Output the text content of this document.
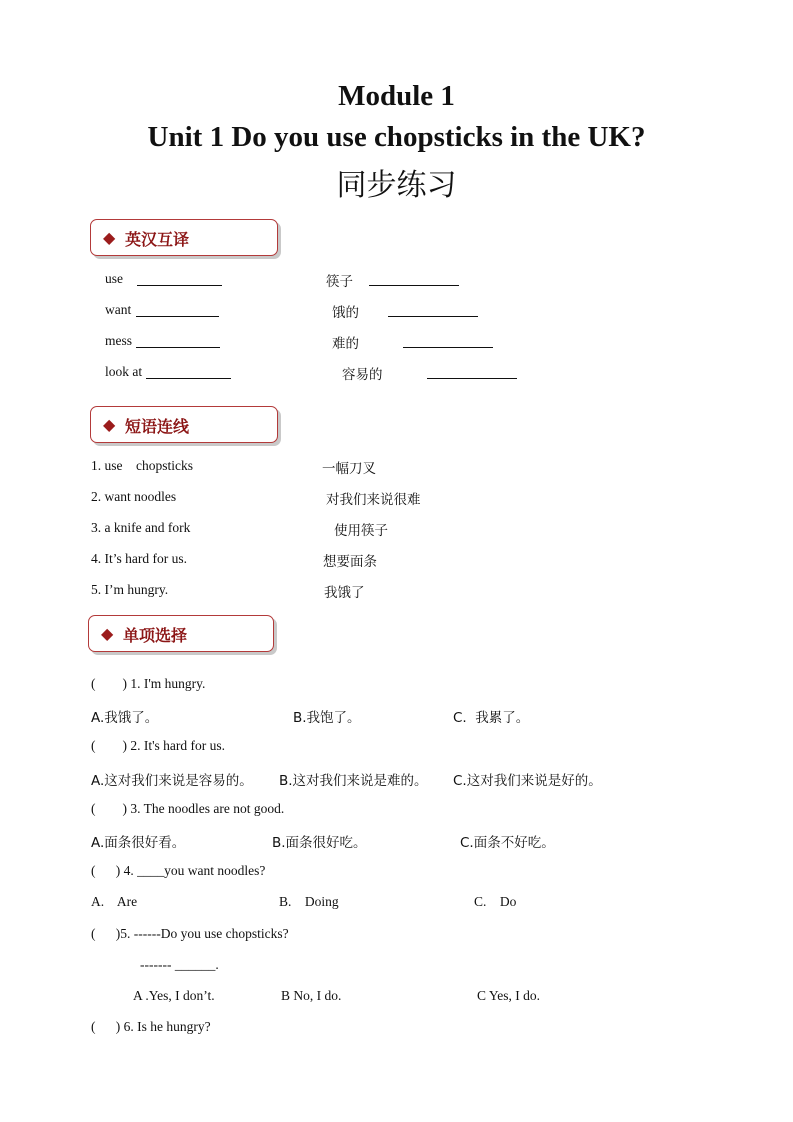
Module 1
Unit 1 Do you use chopsticks in the UK?
同步练习
◆ 英汉互译
use	筷子
want	饿的
mess	难的
look at	容易的
◆ 短语连线
1. use    chopsticks	一幅刀叉
2. want noodles	对我们来说很难
3. a knife and fork	使用筷子
4. It’s hard for us.	想要面条
5. I’m hungry.	我饿了
◆ 单项选择
(        ) 1. I'm hungry.
A.我饿了。	B.我饱了。	C.  我累了。
(        ) 2. It's hard for us.
A.这对我们来说是容易的。 B.这对我们来说是难的。 C.这对我们来说是好的。
(        ) 3. The noodles are not good.
A.面条很好看。	B.面条很好吃。	C.面条不好吃。
(      ) 4. ____you want noodles?
A.    Are	B.    Doing	C.    Do
(      )5. ------Do you use chopsticks?
------- ______.
A .Yes, I don’t.	B No, I do.	C Yes, I do.
(      ) 6. Is he hungry?
